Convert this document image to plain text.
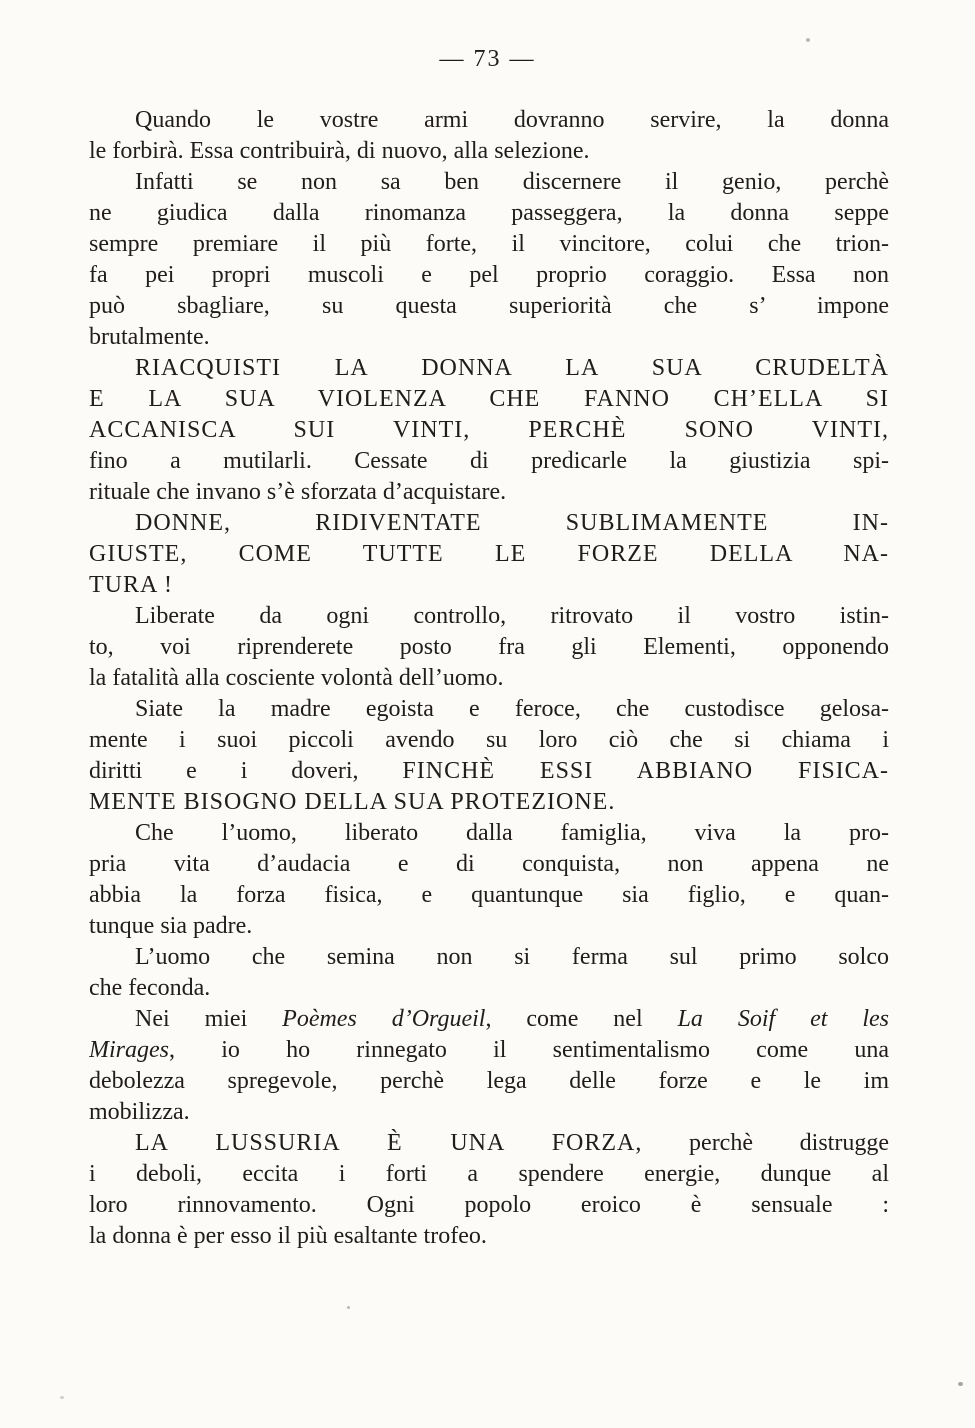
— 73 —
Quando le vostre armi dovranno servire, la donna
le forbirà. Essa contribuirà, di nuovo, alla selezione.
Infatti se non sa ben discernere il genio, perchè
ne giudica dalla rinomanza passeggera, la donna seppe
sempre premiare il più forte, il vincitore, colui che trion-
fa pei propri muscoli e pel proprio coraggio. Essa non
può sbagliare, su questa superiorità che s’ impone
brutalmente.
RIACQUISTI LA DONNA LA SUA CRUDELTÀ
E LA SUA VIOLENZA CHE FANNO CH’ELLA SI
ACCANISCA SUI VINTI, PERCHÈ SONO VINTI,
fino a mutilarli. Cessate di predicarle la giustizia spi-
rituale che invano s’è sforzata d’acquistare.
DONNE, RIDIVENTATE SUBLIMAMENTE IN-
GIUSTE, COME TUTTE LE FORZE DELLA NA-
TURA !
Liberate da ogni controllo, ritrovato il vostro istin-
to, voi riprenderete posto fra gli Elementi, opponendo
la fatalità alla cosciente volontà dell’uomo.
Siate la madre egoista e feroce, che custodisce gelosa-
mente i suoi piccoli avendo su loro ciò che si chiama i
diritti e i doveri, FINCHÈ ESSI ABBIANO FISICA-
MENTE BISOGNO DELLA SUA PROTEZIONE.
Che l’uomo, liberato dalla famiglia, viva la pro-
pria vita d’audacia e di conquista, non appena ne
abbia la forza fisica, e quantunque sia figlio, e quan-
tunque sia padre.
L’uomo che semina non si ferma sul primo solco
che feconda.
Nei miei Poèmes d’Orgueil, come nel La Soif et les
Mirages, io ho rinnegato il sentimentalismo come una
debolezza spregevole, perchè lega delle forze e le im
mobilizza.
LA LUSSURIA È UNA FORZA, perchè distrugge
i deboli, eccita i forti a spendere energie, dunque al
loro rinnovamento. Ogni popolo eroico è sensuale :
la donna è per esso il più esaltante trofeo.
